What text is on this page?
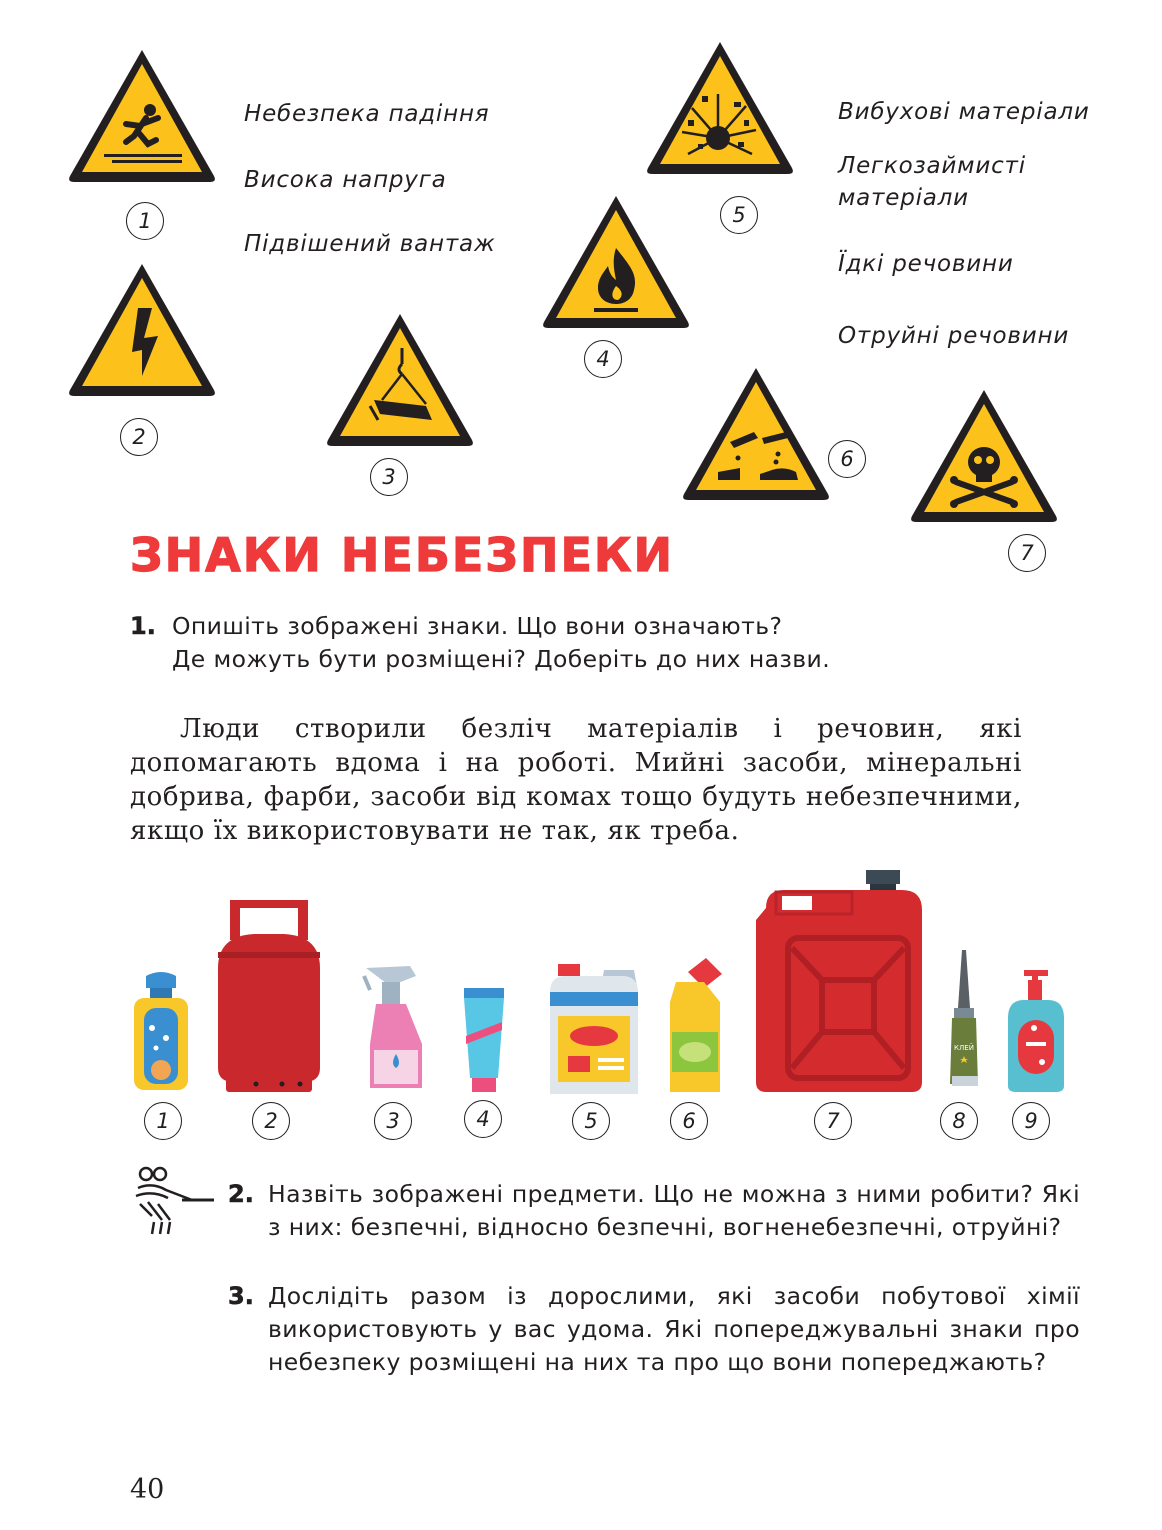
1
2
3
4
5
6
7
Небезпека падіння
Висока напруга
Підвішений вантаж
Вибухові матеріали
Легкозаймисті
матеріали
Їдкі речовини
Отруйні речовини
ЗНАКИ НЕБЕЗПЕКИ
1. Опишіть зображені знаки. Що вони означають?
Де можуть бути розміщені? Доберіть до них назви.
Люди створили безліч матеріалів і речовин, які допомагають вдома і на роботі. Мийні засоби, мінеральні добрива, фарби, засоби від комах тощо будуть небезпечними, якщо їх використовувати не так, як треба.
КЛЕЙ
1	2	3	4	5	6	7	8	9
2. Назвіть зображені предмети. Що не можна з ними робити? Які з них: безпечні, відносно безпечні, вогненебезпечні, отруйні?

3. Дослідіть разом із дорослими, які засоби побутової хімії використовують у вас удома. Які попереджувальні знаки про небезпеку розміщені на них та про що вони попереджають?

40
